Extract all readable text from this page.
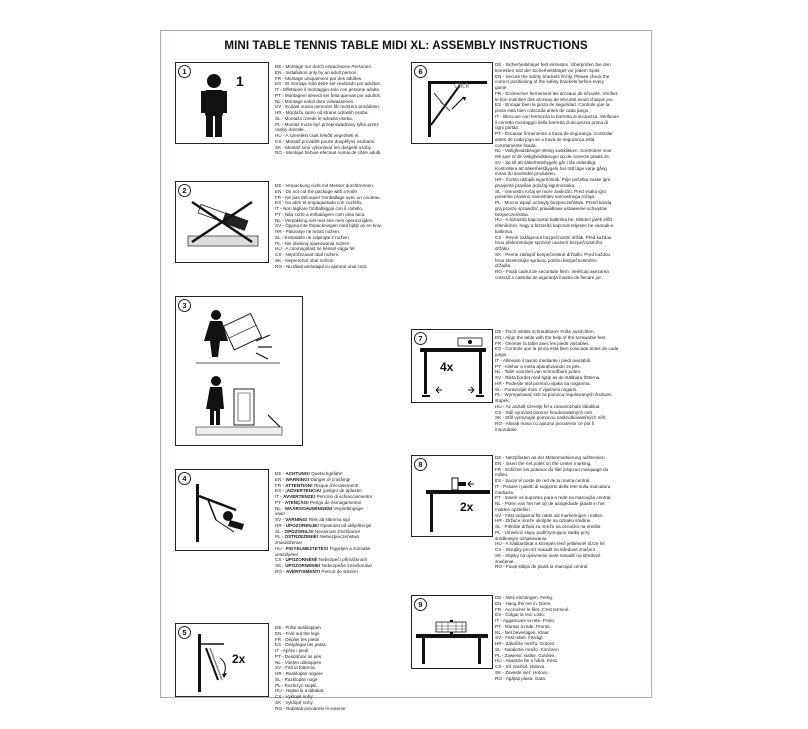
MINI TABLE TENNIS TABLE MIDI XL: ASSEMBLY INSTRUCTIONS
1
1
DE - Montage nur durch erwachsene Personen.
EN - Installation only by an adult person.
FR - Montage uniquement par des adultes.
ES - El montaje solo debe ser realizado por adultos.
IT - Effettuare il montaggio solo con persone adulte.
PT - Montagem deverá ser feita apenas por adultos.
NL - Montage enkel door volwassenen.
SV - Endast vuxna personer får montera produkten.
HR - Montažu samo od strane odraslih osoba.
SL - Montažo izvede le odrasla oseba.
PL - Montaż może być przeprowadzany tylko przez
osoby dorosłe.
HU - A szerelést csak felnőtt végezheti el.
CS - Montáž provádět pouze dospělými osobami.
SK - Montáž smú vykonávať len dospelé osoby.
RO - Montajul trebuie efectuat numai de către adulți.
2
DE - Verpackung nicht mit Messer durchtrennen.
EN - Do not cut the package with a knife.
FR - Ne pas découper l'emballage avec un couteau.
ES - No abrir el empaquetado con cuchillo.
IT - Non tagliare l'imballaggio con il coltello.
PT - Não corte a embalagem com uma faca.
NL - Verpakking niet met een mes openscnijden.
SV - Öppna inte förpackningen med hjälp av en kniv.
HR - Pakiranje ne rezati nožem.
SL - Embalaže ne odpirajte z nožem.
PL - Nie otwieraj opakowania nożem.
HU - A csomagolást ne késsel vágja fel.
CS - Neprořezávat obal nožem.
SK - Neprerezať obal nožom.
RO - Nu tăiați ambalajul cu ajutorul unui cuțit.
3
4
DE - ACHTUNG! Quetschgefahr!
EN - WARNING! Danger of crushing!
FR - ATTENTION! Risque d'écrasement!
ES - ¡ADVERTENCIA! ¡peligro de aplaste!
IT - AVVERTENZE! Pericolo di schiacciamento!
PT - ATENÇÃO! Perigo de esmagamento!
NL - WAARSCHUWINGEN! Verplettingsge-
vaar!
SV - VARNING! Risk att klämma sig!
HR - UPOZORENJE! Opasnost od ukliještenja!
SL - OPOZORILO! Nevarnost zmečkanin!
PL - OSTRZEŻENIE! Niebezpieczeństwo
zmiażdżenia!
HU - FIGYELMEZTETÉS! Figyeljen a zúzódás
veszélyére!
CS - UPOZORNĚNÍ! Nebezpečí přimáčknutí!
SK - UPOZORNENIE! Nebezpečie zmačknutia!
RO - AVERTISMENT! Pericol de strivire!
5
2x
DE - Füße ausklappen
EN - Fold out the legs
FR - Déplier les pieds
ES - Desplegar las patas
IT - Aprire i piedi
PT - Desdobrar os pés
NL - Voeten uitklappen
SV - Fäll ut fötterna.
HR - Rasklopite nogare
SL - Razklopite noge
PL - Rozłożyć stopki.
HU - Hajtsa ki a lábakat.
CS - Vyklopit nohy
SK - Vyklopiť nohy
RO - Rabatați picioarele în exterior
6
Click
DE - Sicherheitsbügel fest einrasten. Überprüfen Sie den
korrekten Sitz der Sicherheitsbügel vor jedem Spiel.
EN - Secure the safety brackets firmly. Please check the
correct positioning of the safety brackets before every
game.
FR - Enclencher fermement les arceaux de sécurité. Vérifiez
le bon maintien des arceaux de sécurité avant chaque jeu.
ES - Encajar bien la pinza de seguridad. Controle que la
pinza está bien colocada antes de cada juego.
IT - Bloccare con fermezza la barretta di sicurezza. Verificare
il corretto montaggio della barretta di sicurezza prima di
ogni partita.
PT - Encaixar firmemente a trava de segurança. Controlar
antes de cada jogo se a trava de segurança está
corretamente fixada.
NL - Veiligheidsbeugel stevig vastklikken. Controleer voor
elk spel of de veiligheidsbeugel op de correcte plaats zit.
SV - Se till att säkerhetsbygeln går i lås ordentligt.
Kontrollera att säkerhetsbygeln har rätt läge varje gång
innan du använder produkten.
HR - Čvrsto uklopiti sigurnosnik. Prije početka svake igre
provjerite pravilan položaj sigurnosnika.
SL - Varnostni ročaj se more zaskočiti. Pred vsako igro
preverite pravilno namestitev varnostnega ročaja.
PL - Mocno wpiąć uchwyty bezpieczeństwa. Przed każdą
grą proszę sprawdzić prawidłowe ustawienie uchwytów
bezpieczeństwa.
HU - A biztosító kapcsokat kattintsa be. Minden játék előtt
ellenőrizze, hogy a biztosító kapcsok teljesen be vannak-e
kattintva.
CS - Pevně zaklapnout bezpečnostní držák. Před každou
hrou překontrolujte správné usazení bezpečnostního
držáku.
SK - Pevne zaklopiť bezpečnostné držadlo. Pred každou
hrou skontrolujte správnu polohu bezpečnostného
držadla.
RO - Fixați cadrul de securitate ferm. Verificați așezarea
corectă a cadrului de siguranță înainte de fiecare joc.
7
4x
DE - Tisch mittels schraubbarer Füße ausrichten.
EN - Align the table with the help of the screwable feet.
FR - Orienter la table avec les pieds vissables.
ES - Controle que la pinza está bien colocada antes de cada
juego.
IT - Allineare il tavolo mediante i piedi avvitabili.
PT - Alinhar a mesa aparafusando os pés.
NL - Tafel voorzien van schroefbare poten.
SV - Rikta bordet med hjälp av de ställbara fötterna.
HR - Podesite stol pomoću vijaka na nogarima.
SL - Poravnajte mizo z vijačnimi nogami.
PL - Wyregulować stół za pomocą regulowanych śrubami
stopek.
HU - Az asztalt szerelje fel a csavarozható lábakkal.
CS - Stůl vyrovnat pomocí šroubovatelných noh.
SK - Stôl vyrovnajte pomocou naskrutkovateľných nôh.
RO - Aliniați masa cu ajutorul picioarelor ce pot fi
înșurubate.
8
2x
DE - Netzpfosten an der Mittenmarkierung aufstecken.
EN - Insert the net poles on the center marking.
FR - Enficher les poteaux du filet jusqu'au marquage du
milieu.
ES - Sacar el poste de red de la marca central.
IT - Posare i paletti di supporto della rete sulla marcatura
mediana.
PT - Inserir os suportes para a rede na marcação central.
NL - Polen van het net op de aangeduide plaats in het
midden opstellen.
SV - Fäst stolparna för nätet vid markeringen i mitten.
HR - Držače mreže ukolpite na oznaku sredine.
SL - Pritrdite držalo za mrežo na označko na sredini.
PL - Umieścić słupy podtrzymujące siatkę przy
środkowym oznakowaniu.
HU - A hálótartókat a közepén lévő jelölésnél tűzze fel.
CS - Sloupky pro síť nasadit na středové značení.
SK - Stĺpiky na upevnenie siete nasadiť na stredové
značenie.
RO - Fixați stâlpii de plasă la marcajul central.
9
DE - Netz einhängen. Fertig.
EN - Hang the net in. Done.
FR - Accrocher le filet. C'est terminé.
ES - Colgar la red. Listo.
IT - Agganciare la rete. Finito.
PT - Montar a rede. Pronto.
NL - Net bevestigen. Klaar.
SV - Fäst nätet. Färdigt.
HR - Zakačite mrežu. Gotovo
SL - Natakntie mrežo. Končano
PL - Zawiesić siatkę. Gotowe.
HU - Akassza be a hálót. Kész.
CS - Síť zavěsit. Hotovo.
SK - Zaveste sieť. Hotovo.
RO - Agățați plasa. Gata.
